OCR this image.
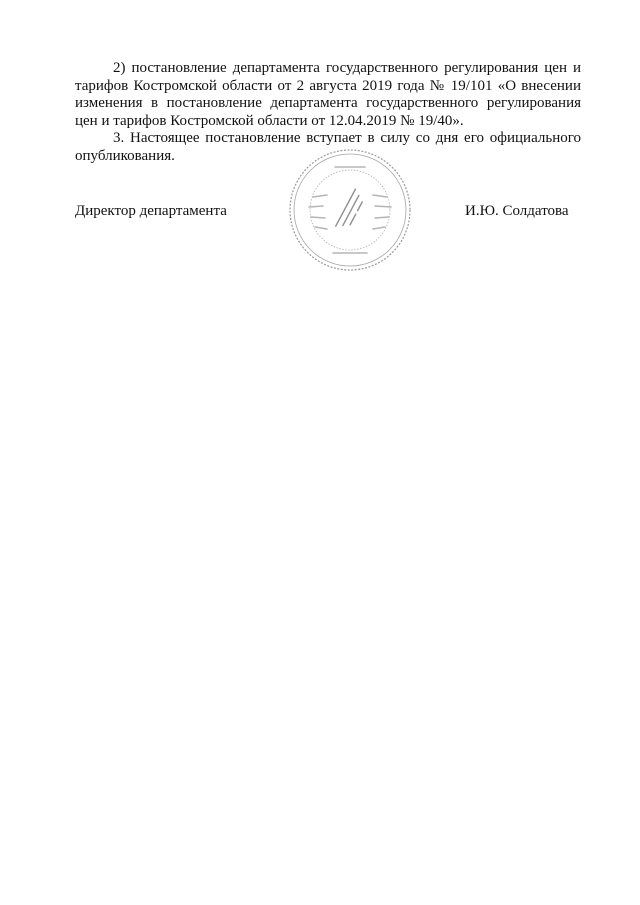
2) постановление департамента государственного регулирования цен и тарифов Костромской области от 2 августа 2019 года № 19/101 «О внесении изменения в постановление департамента государственного регулирования цен и тарифов Костромской области от 12.04.2019 № 19/40».

3. Настоящее постановление вступает в силу со дня его официального опубликования.

Директор департамента	И.Ю. Солдатова
